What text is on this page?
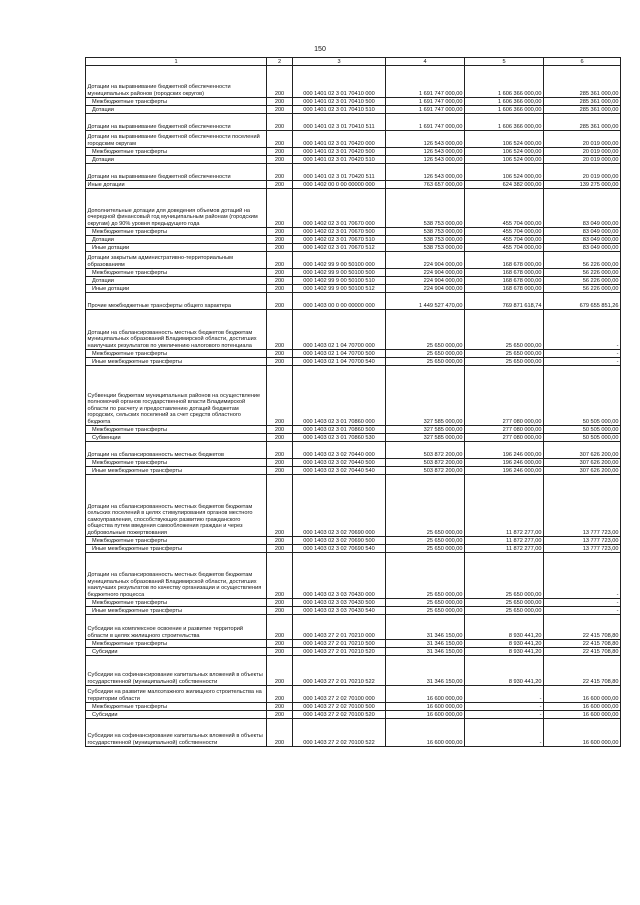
150
1	2	3	4	5	6
Дотации на выравнивание бюджетной обеспеченности муниципальных районов (городских округов)	200	000 1401 02 3 01 70410 000	1 691 747 000,00	1 606 366 000,00	285 361 000,00
Межбюджетные трансферты	200	000 1401 02 3 01 70410 500	1 691 747 000,00	1 606 366 000,00	285 361 000,00
Дотации	200	000 1401 02 3 01 70410 510	1 691 747 000,00	1 606 366 000,00	285 361 000,00
Дотации на выравнивание бюджетной обеспеченности	200	000 1401 02 3 01 70410 511	1 691 747 000,00	1 606 366 000,00	285 361 000,00
Дотации на выравнивание бюджетной обеспеченности поселений городским округам	200	000 1401 02 3 01 70420 000	126 543 000,00	106 524 000,00	20 019 000,00
Межбюджетные трансферты	200	000 1401 02 3 01 70420 500	126 543 000,00	106 524 000,00	20 019 000,00
Дотации	200	000 1401 02 3 01 70420 510	126 543 000,00	106 524 000,00	20 019 000,00
Дотации на выравнивание бюджетной обеспеченности	200	000 1401 02 3 01 70420 511	126 543 000,00	106 524 000,00	20 019 000,00
Иные дотации	200	000 1402 00 0 00 00000 000	763 657 000,00	624 382 000,00	139 275 000,00
Дополнительные дотации для доведения объемов дотаций на очередной финансовый год муниципальным районам (городским округам) до 90% уровня предыдущего года	200	000 1402 02 3 01 70670 000	538 753 000,00	455 704 000,00	83 049 000,00
Межбюджетные трансферты	200	000 1402 02 3 01 70670 500	538 753 000,00	455 704 000,00	83 049 000,00
Дотации	200	000 1402 02 3 01 70670 510	538 753 000,00	455 704 000,00	83 049 000,00
Иные дотации	200	000 1402 02 3 01 70670 512	538 753 000,00	455 704 000,00	83 049 000,00
Дотации закрытым административно-территориальным образованиям	200	000 1402 99 9 00 50100 000	224 904 000,00	168 678 000,00	56 226 000,00
Межбюджетные трансферты	200	000 1402 99 9 00 50100 500	224 904 000,00	168 678 000,00	56 226 000,00
Дотации	200	000 1402 99 9 00 50100 510	224 904 000,00	168 678 000,00	56 226 000,00
Иные дотации	200	000 1402 99 9 00 50100 512	224 904 000,00	168 678 000,00	56 226 000,00
Прочие межбюджетные трансферты общего характера	200	000 1403 00 0 00 00000 000	1 449 527 470,00	769 871 618,74	679 655 851,26
Дотации на сбалансированность местных бюджетов бюджетам муниципальных образований Владимирской области, достигших наилучших результатов по увеличению налогового потенциала	200	000 1403 02 1 04 70700 000	25 650 000,00	25 650 000,00	-
Межбюджетные трансферты	200	000 1403 02 1 04 70700 500	25 650 000,00	25 650 000,00	-
Иные межбюджетные трансферты	200	000 1403 02 1 04 70700 540	25 650 000,00	25 650 000,00	-
Субвенции бюджетам муниципальных районов на осуществление полномочий органов государственной власти Владимирской области по расчету и предоставлению дотаций бюджетам городских, сельских поселений за счет средств областного бюджета	200	000 1403 02 3 01 70860 000	327 585 000,00	277 080 000,00	50 505 000,00
Межбюджетные трансферты	200	000 1403 02 3 01 70860 500	327 585 000,00	277 080 000,00	50 505 000,00
Субвенции	200	000 1403 02 3 01 70860 530	327 585 000,00	277 080 000,00	50 505 000,00
Дотации на сбалансированность местных бюджетов	200	000 1403 02 3 02 70440 000	503 872 200,00	196 246 000,00	307 626 200,00
Межбюджетные трансферты	200	000 1403 02 3 02 70440 500	503 872 200,00	196 246 000,00	307 626 200,00
Иные межбюджетные трансферты	200	000 1403 02 3 02 70440 540	503 872 200,00	196 246 000,00	307 626 200,00
Дотации на сбалансированность местных бюджетов бюджетам сельских поселений в целях стимулирования органов местного самоуправления, способствующих развитию гражданского общества путем введения самообложения граждан и через добровольные пожертвования	200	000 1403 02 3 02 70690 000	25 650 000,00	11 872 277,00	13 777 723,00
Межбюджетные трансферты	200	000 1403 02 3 02 70690 500	25 650 000,00	11 872 277,00	13 777 723,00
Иные межбюджетные трансферты	200	000 1403 02 3 02 70690 540	25 650 000,00	11 872 277,00	13 777 723,00
Дотации на сбалансированность местных бюджетов бюджетам муниципальных образований Владимирской области, достигших наилучших результатов по качеству организации и осуществления бюджетного процесса	200	000 1403 02 3 03 70430 000	25 650 000,00	25 650 000,00	-
Межбюджетные трансферты	200	000 1403 02 3 03 70430 500	25 650 000,00	25 650 000,00	-
Иные межбюджетные трансферты	200	000 1403 02 3 03 70430 540	25 650 000,00	25 650 000,00	-
Субсидии на комплексное освоение и развитие территорий области в целях жилищного строительства	200	000 1403 27 2 01 70210 000	31 346 150,00	8 930 441,20	22 415 708,80
Межбюджетные трансферты	200	000 1403 27 2 01 70210 500	31 346 150,00	8 930 441,20	22 415 708,80
Субсидии	200	000 1403 27 2 01 70210 520	31 346 150,00	8 930 441,20	22 415 708,80
Субсидии на софинансирование капитальных вложений в объекты государственной (муниципальной) собственности	200	000 1403 27 2 01 70210 522	31 346 150,00	8 930 441,20	22 415 708,80
Субсидии на развитие малоэтажного жилищного строительства на территории области	200	000 1403 27 2 02 70100 000	16 600 000,00	-	16 600 000,00
Межбюджетные трансферты	200	000 1403 27 2 02 70100 500	16 600 000,00	-	16 600 000,00
Субсидии	200	000 1403 27 2 02 70100 520	16 600 000,00	-	16 600 000,00
Субсидии на софинансирование капитальных вложений в объекты государственной (муниципальной) собственности	200	000 1403 27 2 02 70100 522	16 600 000,00	-	16 600 000,00
